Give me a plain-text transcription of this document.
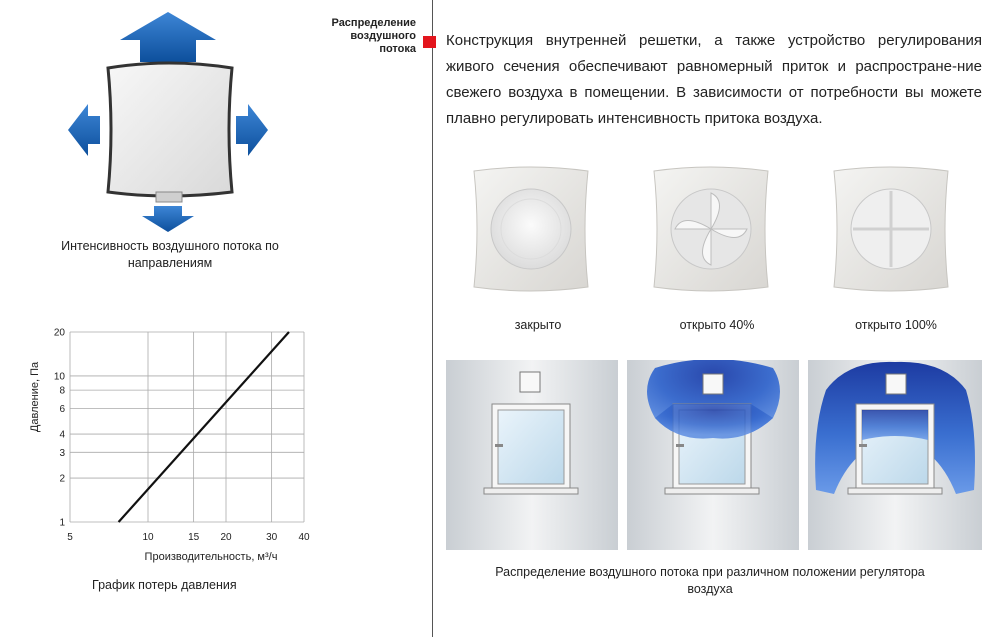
Интенсивность воздушного потока по направлениям
5	10	15 20	30 40
1
2
3
4
6
8
10
20
Производительность, м³/ч
Давление, Па
График потерь давления
Распределение
воздушного
потока Конструкция внутренней решетки, а также устройство регулирования живого сечения обеспечивают равномерный приток и распростране-ние свежего воздуха в помещении. В зависимости от потребности вы можете плавно регулировать интенсивность притока воздуха.

закрыто	открыто 40%	открыто 100%
Распределение воздушного потока при различном положении регулятора воздуха
